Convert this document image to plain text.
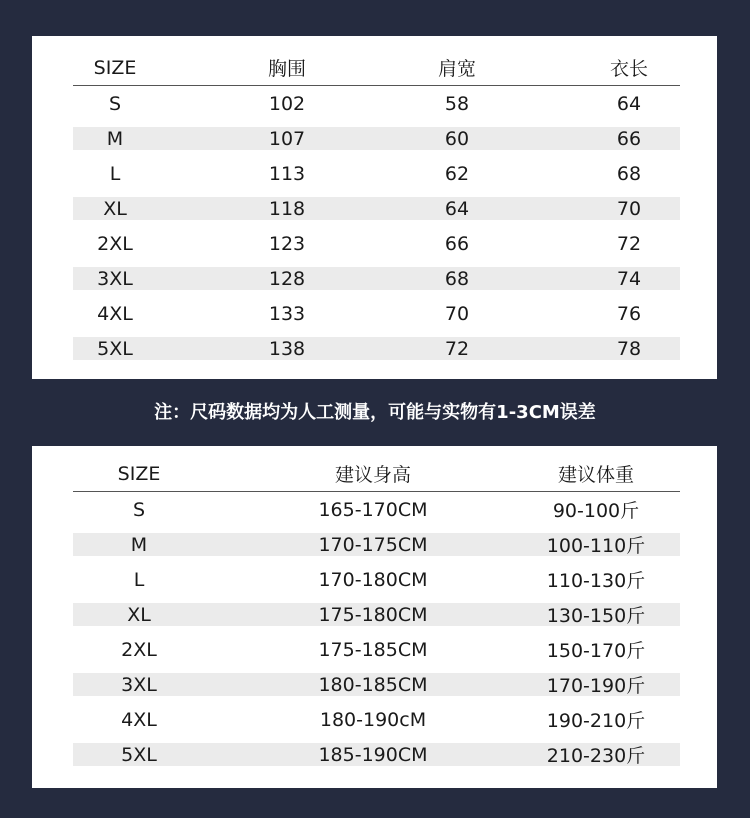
SIZE	胸围	肩宽	衣长
S	102	58	64
M	107	60	66
L	113	62	68
XL	118	64	70
2XL	123	66	72
3XL	128	68	74
4XL	133	70	76
5XL	138	72	78
注：尺码数据均为人工测量，可能与实物有1-3CM误差
SIZE	建议身高	建议体重
S	165-170CM	90-100斤
M	170-175CM	100-110斤
L	170-180CM	110-130斤
XL	175-180CM	130-150斤
2XL	175-185CM	150-170斤
3XL	180-185CM	170-190斤
4XL	180-190cM	190-210斤
5XL	185-190CM	210-230斤
